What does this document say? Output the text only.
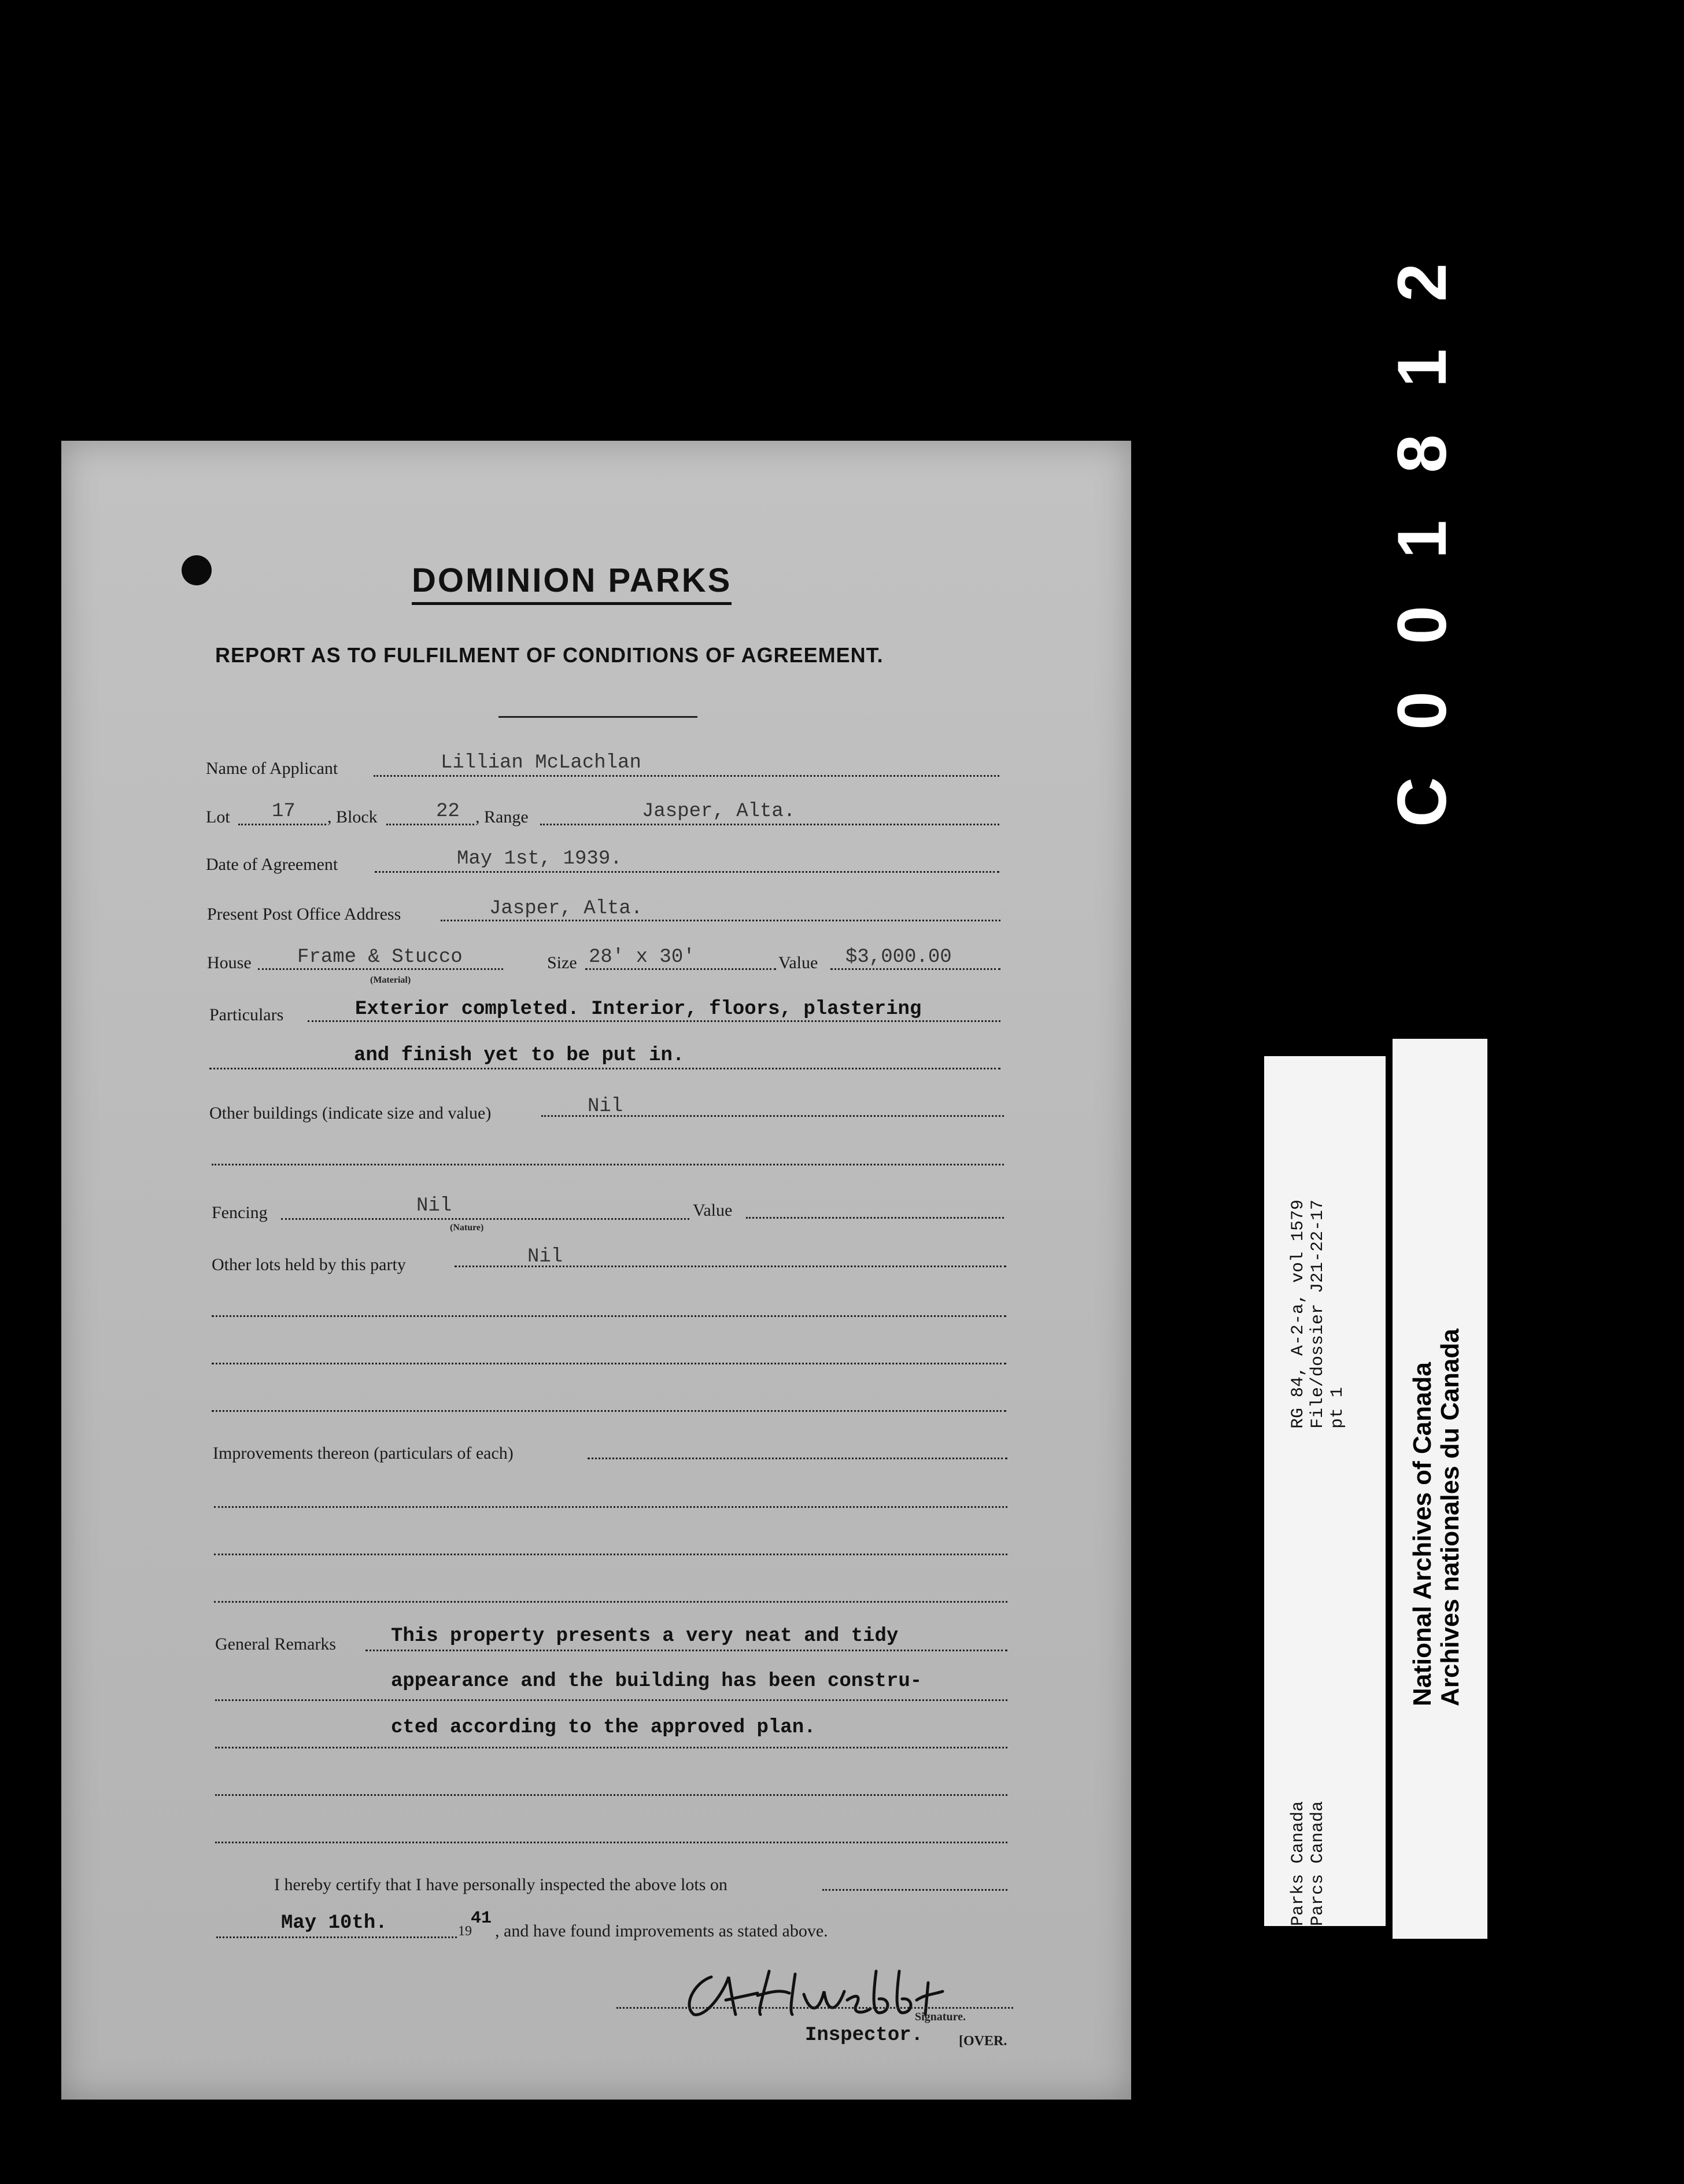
C 0 0 1 8 1 2
DOMINION PARKS
REPORT AS TO FULFILMENT OF CONDITIONS OF AGREEMENT.
Name of Applicant	Lillian McLachlan
Lot 17 , Block	22 , Range	Jasper, Alta.
Date of Agreement	May 1st, 1939.
Present Post Office Address	Jasper, Alta.
House Frame & Stucco
(Material)
Size 28' x 30'	Value $3,000.00
Particulars	Exterior completed. Interior, floors, plastering
and finish yet to be put in.
Other buildings (indicate size and value)	Nil
Fencing	Nil
(Nature)
Value
Other lots held by this party	Nil
Improvements thereon (particulars of each)
General Remarks	This property presents a very neat and tidy
appearance and the building has been constru-
cted according to the approved plan.
I hereby certify that I have personally inspected the above lots on
May 10th.	19
41
, and have found improvements as stated above.
Signature.
Inspector.	[OVER.
RG 84, A-2-a, vol 1579 File/dossier J21-22-17 pt 1
Parks Canada Parcs Canada
National Archives of Canada Archives nationales du Canada
